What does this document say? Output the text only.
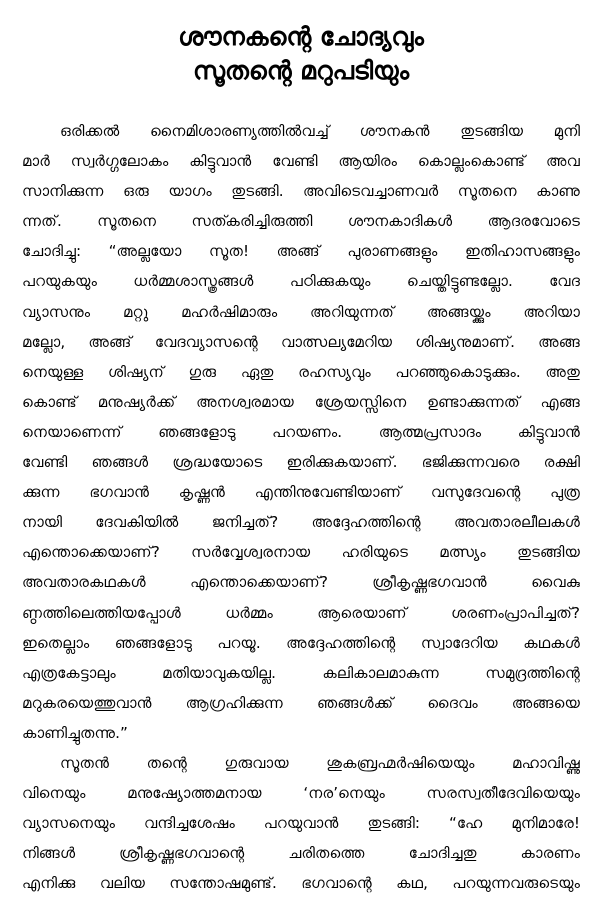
ശൗനകന്റെ ചോദ്യവും
സൂതന്റെ മറുപടിയും

ഒരിക്കൽ നൈമിശാരണ്യത്തിൽവച്ച് ശൗനകൻ തുടങ്ങിയ മുനി
മാർ സ്വർഗ്ഗലോകം കിട്ടുവാൻ വേണ്ടി ആയിരം കൊല്ലംകൊണ്ട് അവ
സാനിക്കുന്ന ഒരു യാഗം തുടങ്ങി. അവിടെവച്ചാണവർ സൂതനെ കാണു
ന്നത്. സൂതനെ സത്കരിച്ചിരുത്തി ശൗനകാദികൾ ആദരവോടെ
ചോദിച്ചു: “അല്ലയോ സൂത! അങ്ങ് പുരാണങ്ങളും ഇതിഹാസങ്ങളും
പറയുകയും ധർമ്മശാസ്ത്രങ്ങൾ പഠിക്കുകയും ചെയ്തിട്ടുണ്ടല്ലോ. വേദ
വ്യാസനും മറ്റു മഹർഷിമാരും അറിയുന്നത് അങ്ങയ്ക്കും അറിയാ
മല്ലോ, അങ്ങ് വേദവ്യാസന്റെ വാത്സല്യമേറിയ ശിഷ്യനുമാണ്. അങ്ങ
നെയുള്ള ശിഷ്യന് ഗുരു ഏതു രഹസ്യവും പറഞ്ഞുകൊടുക്കും. അതു
കൊണ്ട് മനുഷ്യർക്ക് അനശ്വരമായ ശ്രേയസ്സിനെ ഉണ്ടാക്കുന്നത് എങ്ങ
നെയാണെന്ന് ഞങ്ങളോടു പറയണം. ആത്മപ്രസാദം കിട്ടുവാൻ
വേണ്ടി ഞങ്ങൾ ശ്രദ്ധയോടെ ഇരിക്കുകയാണ്. ഭജിക്കുന്നവരെ രക്ഷി
ക്കുന്ന ഭഗവാൻ കൃഷ്ണൻ എന്തിനുവേണ്ടിയാണ് വസുദേവന്റെ പുത്ര
നായി ദേവകിയിൽ ജനിച്ചത്? അദ്ദേഹത്തിന്റെ അവതാരലീലകൾ
എന്തൊക്കെയാണ്? സർവ്വേശ്വരനായ ഹരിയുടെ മത്സ്യം തുടങ്ങിയ
അവതാരകഥകൾ എന്തൊക്കെയാണ്? ശ്രീകൃഷ്ണഭഗവാൻ വൈകു
ണ്ഠത്തിലെത്തിയപ്പോൾ ധർമ്മം ആരെയാണ് ശരണംപ്രാപിച്ചത്?
ഇതെല്ലാം ഞങ്ങളോടു പറയൂ. അദ്ദേഹത്തിന്റെ സ്വാദേറിയ കഥകൾ
എത്രകേട്ടാലും മതിയാവുകയില്ല. കലികാലമാകുന്ന സമുദ്രത്തിന്റെ
മറുകരയെത്തുവാൻ ആഗ്രഹിക്കുന്ന ഞങ്ങൾക്ക് ദൈവം അങ്ങയെ
കാണിച്ചുതന്നു.”

സൂതൻ തന്റെ ഗുരുവായ ശുകബ്രഹ്മർഷിയെയും മഹാവിഷ്ണു
വിനെയും മനുഷ്യോത്തമനായ ‘നര’നെയും സരസ്വതീദേവിയെയും
വ്യാസനെയും വന്ദിച്ചശേഷം പറയുവാൻ തുടങ്ങി: “ഹേ മുനിമാരേ!
നിങ്ങൾ ശ്രീകൃഷ്ണഭഗവാന്റെ ചരിതത്തെ ചോദിച്ചതു കാരണം
എനിക്കു വലിയ സന്തോഷമുണ്ട്. ഭഗവാന്റെ കഥ, പറയുന്നവരുടെയും
